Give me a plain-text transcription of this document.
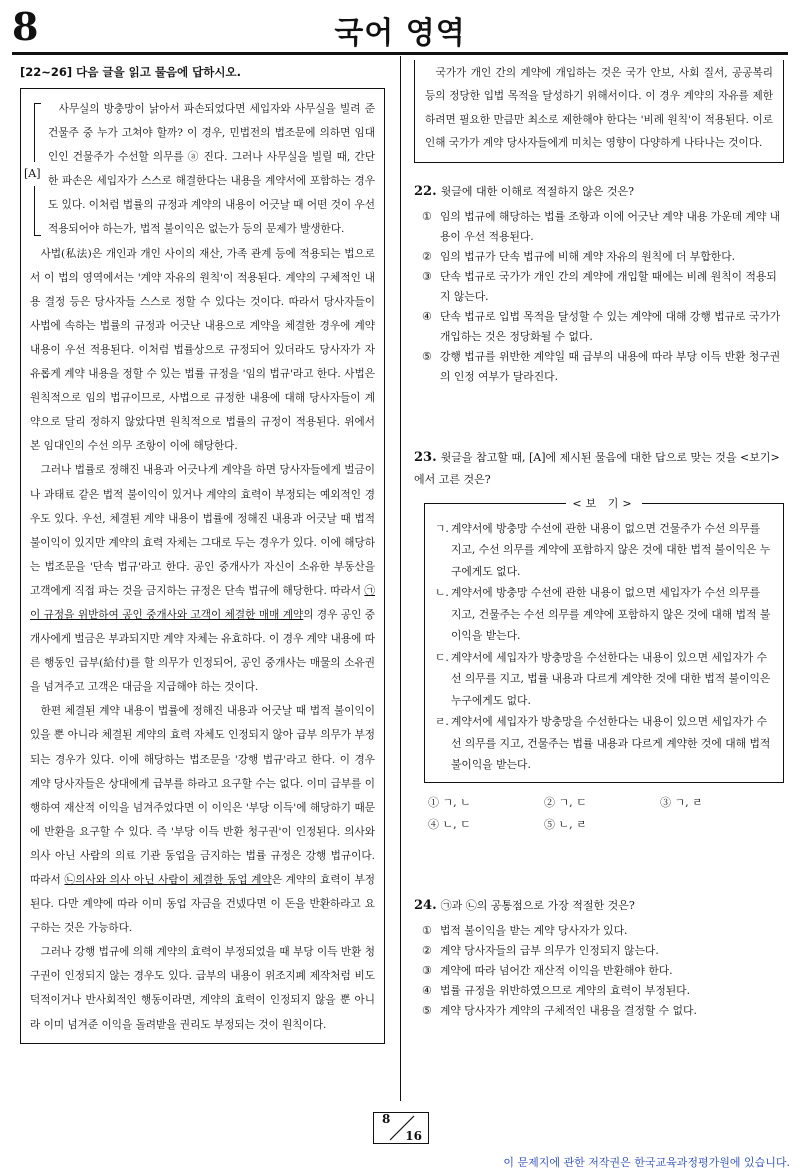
8	국어 영역
[22~26] 다음 글을 읽고 물음에 답하시오.
[A]

사무실의 방충망이 낡아서 파손되었다면 세입자와 사무실을 빌려 준 건물주 중 누가 고쳐야 할까? 이 경우, 민법전의 법조문에 의하면 임대인인 건물주가 수선할 의무를 ⓐ 진다. 그러나 사무실을 빌릴 때, 간단한 파손은 세입자가 스스로 해결한다는 내용을 계약서에 포함하는 경우도 있다. 이처럼 법률의 규정과 계약의 내용이 어긋날 때 어떤 것이 우선 적용되어야 하는가, 법적 불이익은 없는가 등의 문제가 발생한다.

사법(私法)은 개인과 개인 사이의 재산, 가족 관계 등에 적용되는 법으로서 이 법의 영역에서는 '계약 자유의 원칙'이 적용된다. 계약의 구체적인 내용 결정 등은 당사자들 스스로 정할 수 있다는 것이다. 따라서 당사자들이 사법에 속하는 법률의 규정과 어긋난 내용으로 계약을 체결한 경우에 계약 내용이 우선 적용된다. 이처럼 법률상으로 규정되어 있더라도 당사자가 자유롭게 계약 내용을 정할 수 있는 법률 규정을 '임의 법규'라고 한다. 사법은 원칙적으로 임의 법규이므로, 사법으로 규정한 내용에 대해 당사자들이 계약으로 달리 정하지 않았다면 원칙적으로 법률의 규정이 적용된다. 위에서 본 임대인의 수선 의무 조항이 이에 해당한다.

그러나 법률로 정해진 내용과 어긋나게 계약을 하면 당사자들에게 벌금이나 과태료 같은 법적 불이익이 있거나 계약의 효력이 부정되는 예외적인 경우도 있다. 우선, 체결된 계약 내용이 법률에 정해진 내용과 어긋날 때 법적 불이익이 있지만 계약의 효력 자체는 그대로 두는 경우가 있다. 이에 해당하는 법조문을 '단속 법규'라고 한다. 공인 중개사가 자신이 소유한 부동산을 고객에게 직접 파는 것을 금지하는 규정은 단속 법규에 해당한다. 따라서 ㉠이 규정을 위반하여 공인 중개사와 고객이 체결한 매매 계약의 경우 공인 중개사에게 벌금은 부과되지만 계약 자체는 유효하다. 이 경우 계약 내용에 따른 행동인 급부(給付)를 할 의무가 인정되어, 공인 중개사는 매물의 소유권을 넘겨주고 고객은 대금을 지급해야 하는 것이다.

한편 체결된 계약 내용이 법률에 정해진 내용과 어긋날 때 법적 불이익이 있을 뿐 아니라 체결된 계약의 효력 자체도 인정되지 않아 급부 의무가 부정되는 경우가 있다. 이에 해당하는 법조문을 '강행 법규'라고 한다. 이 경우 계약 당사자들은 상대에게 급부를 하라고 요구할 수는 없다. 이미 급부를 이행하여 재산적 이익을 넘겨주었다면 이 이익은 '부당 이득'에 해당하기 때문에 반환을 요구할 수 있다. 즉 '부당 이득 반환 청구권'이 인정된다. 의사와 의사 아닌 사람의 의료 기관 동업을 금지하는 법률 규정은 강행 법규이다. 따라서 ㉡의사와 의사 아닌 사람이 체결한 동업 계약은 계약의 효력이 부정된다. 다만 계약에 따라 이미 동업 자금을 건넸다면 이 돈을 반환하라고 요구하는 것은 가능하다.

그러나 강행 법규에 의해 계약의 효력이 부정되었을 때 부당 이득 반환 청구권이 인정되지 않는 경우도 있다. 급부의 내용이 위조지폐 제작처럼 비도덕적이거나 반사회적인 행동이라면, 계약의 효력이 인정되지 않을 뿐 아니라 이미 넘겨준 이익을 돌려받을 권리도 부정되는 것이 원칙이다.

국가가 개인 간의 계약에 개입하는 것은 국가 안보, 사회 질서, 공공복리 등의 정당한 입법 목적을 달성하기 위해서이다. 이 경우 계약의 자유를 제한하려면 필요한 만큼만 최소로 제한해야 한다는 '비례 원칙'이 적용된다. 이로 인해 국가가 계약 당사자들에게 미치는 영향이 다양하게 나타나는 것이다.

22. 윗글에 대한 이해로 적절하지 않은 것은?
① 임의 법규에 해당하는 법률 조항과 이에 어긋난 계약 내용 가운데 계약 내용이 우선 적용된다.
② 임의 법규가 단속 법규에 비해 계약 자유의 원칙에 더 부합한다.
③ 단속 법규로 국가가 개인 간의 계약에 개입할 때에는 비례 원칙이 적용되지 않는다.
④ 단속 법규로 입법 목적을 달성할 수 있는 계약에 대해 강행 법규로 국가가 개입하는 것은 정당화될 수 없다.
⑤ 강행 법규를 위반한 계약일 때 급부의 내용에 따라 부당 이득 반환 청구권의 인정 여부가 달라진다.
23. 윗글을 참고할 때, [A]에 제시된 물음에 대한 답으로 맞는 것을 <보기>에서 고른 것은?
<보 기>
ㄱ. 계약서에 방충망 수선에 관한 내용이 없으면 건물주가 수선 의무를 지고, 수선 의무를 계약에 포함하지 않은 것에 대한 법적 불이익은 누구에게도 없다.
ㄴ. 계약서에 방충망 수선에 관한 내용이 없으면 세입자가 수선 의무를 지고, 건물주는 수선 의무를 계약에 포함하지 않은 것에 대해 법적 불이익을 받는다.
ㄷ. 계약서에 세입자가 방충망을 수선한다는 내용이 있으면 세입자가 수선 의무를 지고, 법률 내용과 다르게 계약한 것에 대한 법적 불이익은 누구에게도 없다.
ㄹ. 계약서에 세입자가 방충망을 수선한다는 내용이 있으면 세입자가 수선 의무를 지고, 건물주는 법률 내용과 다르게 계약한 것에 대해 법적 불이익을 받는다.
① ㄱ, ㄴ	② ㄱ, ㄷ	③ ㄱ, ㄹ
④ ㄴ, ㄷ	⑤ ㄴ, ㄹ
24. ㉠과 ㉡의 공통점으로 가장 적절한 것은?
① 법적 불이익을 받는 계약 당사자가 있다.
② 계약 당사자들의 급부 의무가 인정되지 않는다.
③ 계약에 따라 넘어간 재산적 이익을 반환해야 한다.
④ 법률 규정을 위반하였으므로 계약의 효력이 부정된다.
⑤ 계약 당사자가 계약의 구체적인 내용을 결정할 수 없다.
8
16
이 문제지에 관한 저작권은 한국교육과정평가원에 있습니다.
